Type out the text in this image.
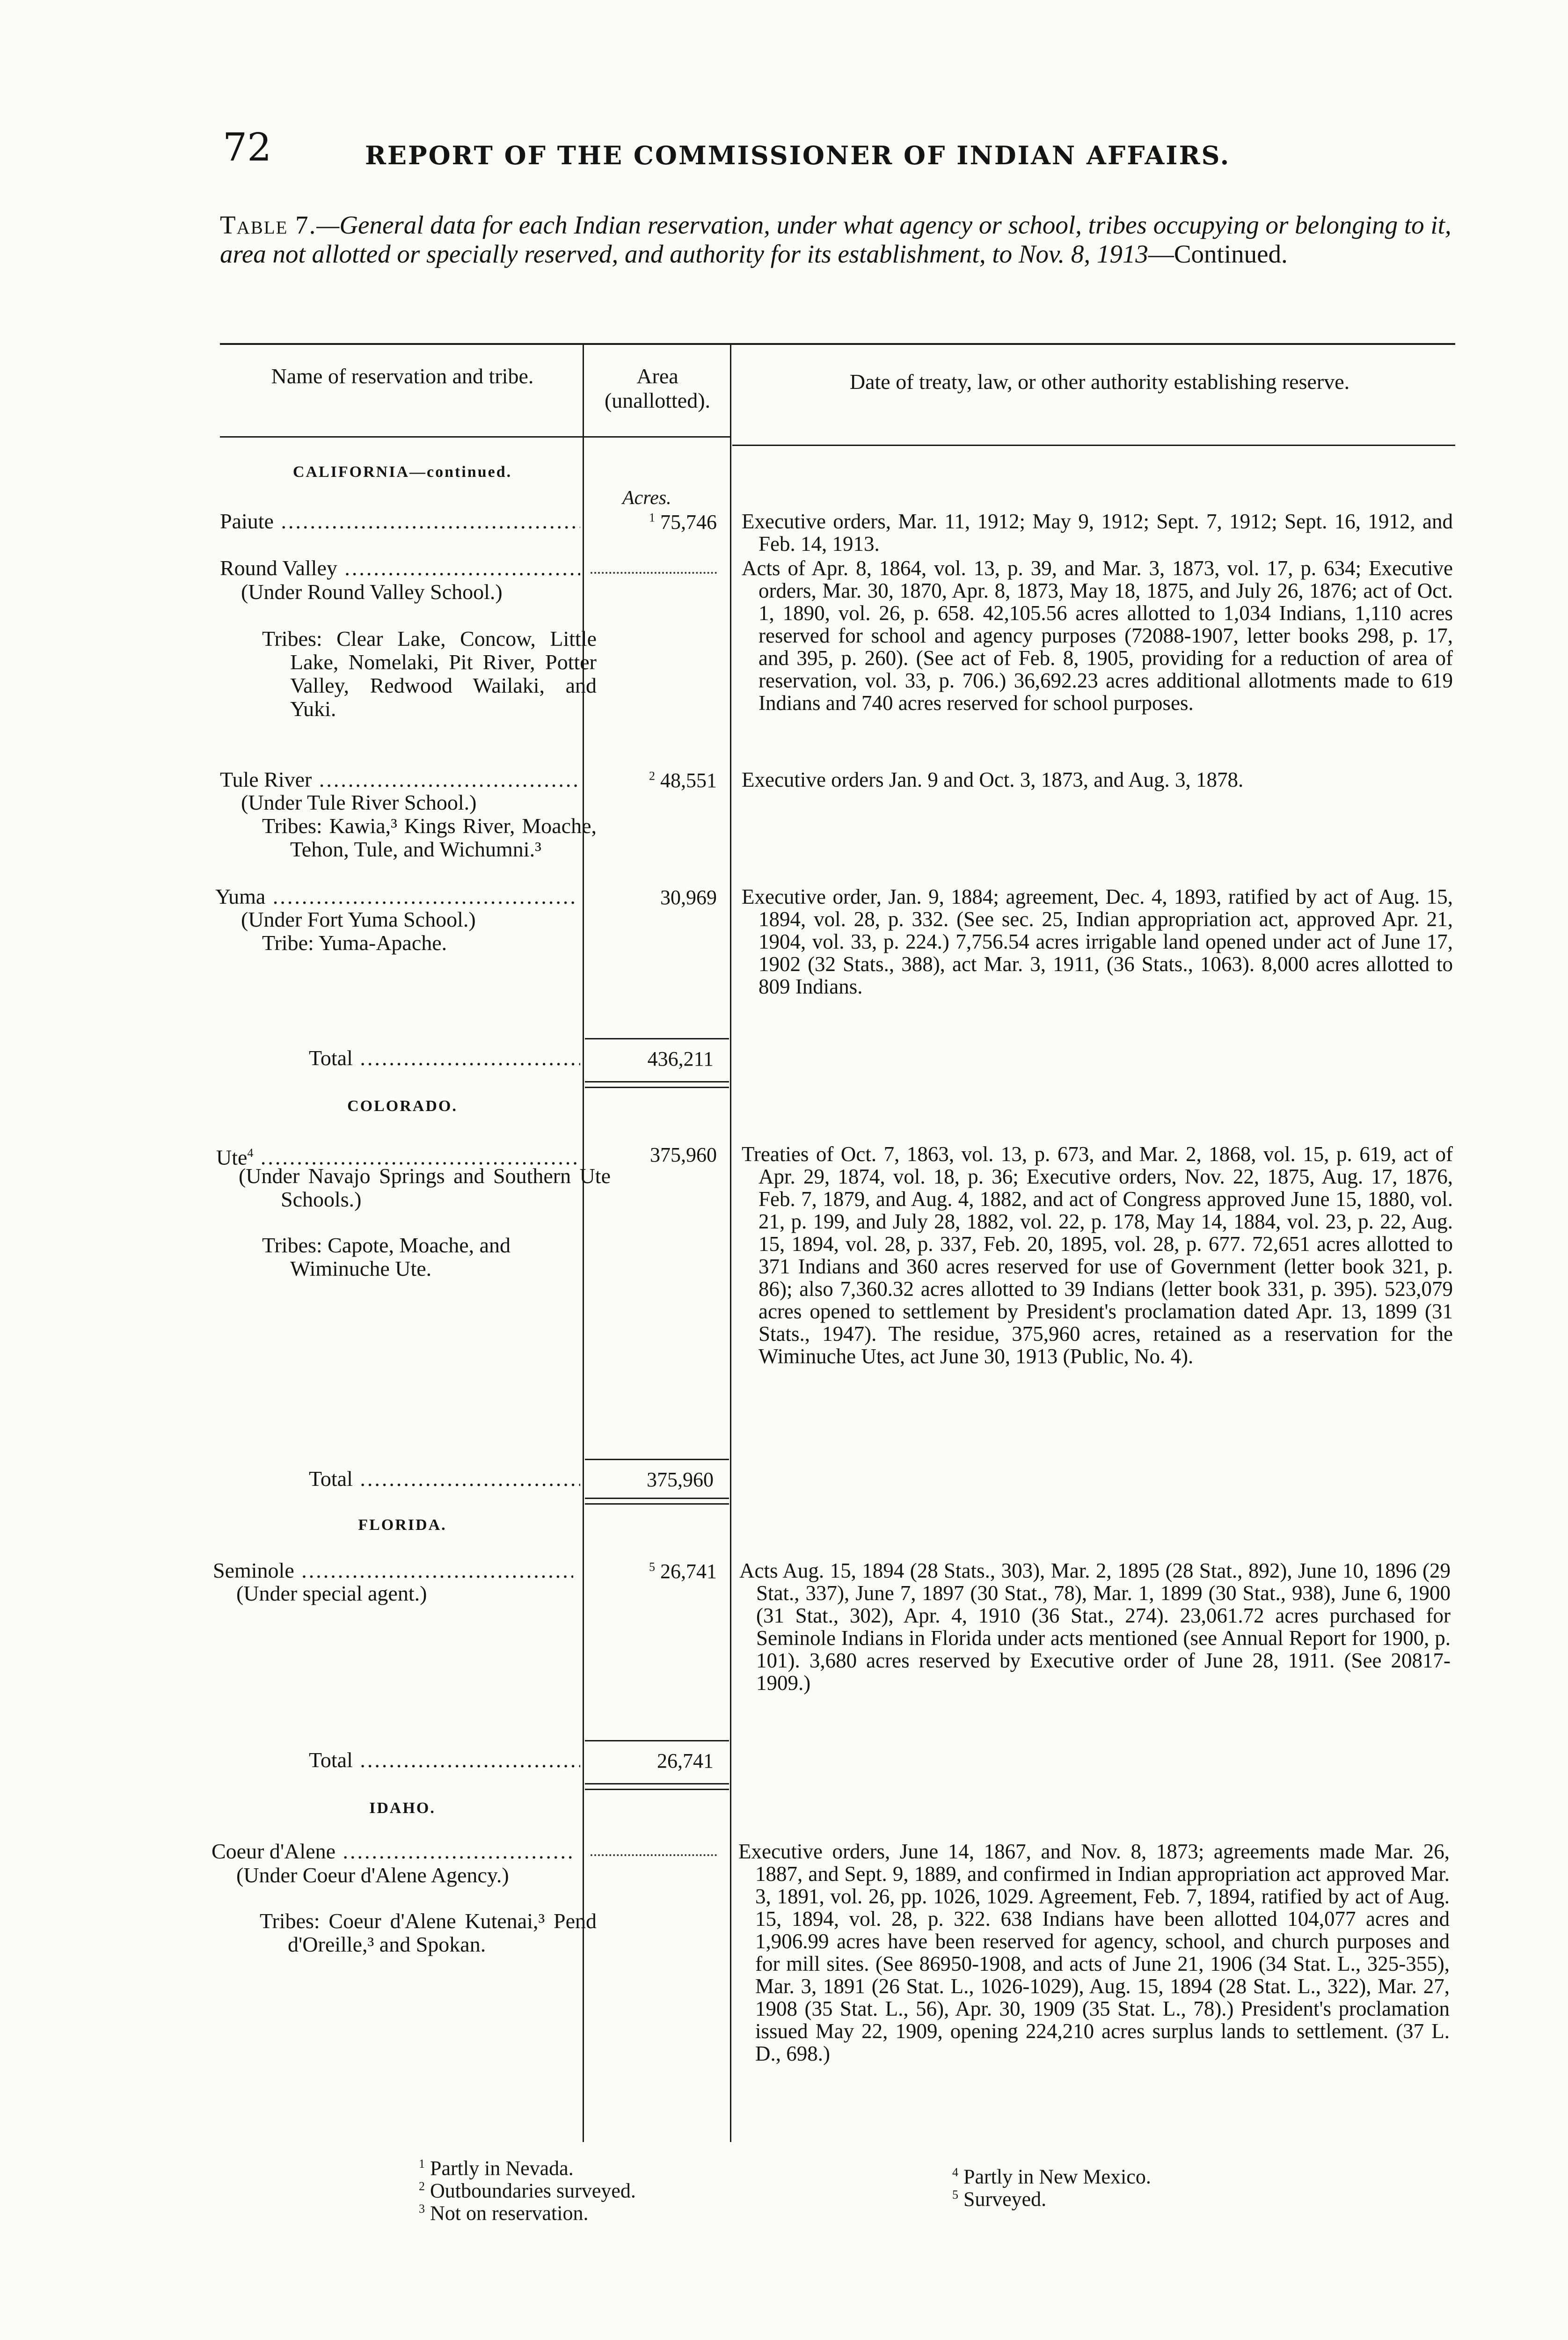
72	REPORT OF THE COMMISSIONER OF INDIAN AFFAIRS.
Table 7.—General data for each Indian reservation, under what agency or school, tribes occupying or belonging to it, area not allotted or specially reserved, and authority for its establishment, to Nov. 8, 1913—Continued.
Name of reservation and tribe.	Area (unallotted).
Date of treaty, law, or other authority establishing reserve.
CALIFORNIA—continued.
Acres.
Paiute .....	$^1$ 75,746 Executive orders, Mar. 11, 1912; May 9, 1912; Sept. 7, 1912; Sept. 16, 1912, and Feb. 14, 1913.

Round Valley .....
(Under Round Valley School.)
Tribes: Clear Lake, Concow, Little Lake, Nomelaki, Pit River, Potter Valley, Redwood Wailaki, and Yuki.

Acts of Apr. 8, 1864, vol. 13, p. 39, and Mar. 3, 1873, vol. 17, p. 634; Executive orders, Mar. 30, 1870, Apr. 8, 1873, May 18, 1875, and July 26, 1876; act of Oct. 1, 1890, vol. 26, p. 658. 42,105.56 acres allotted to 1,034 Indians, 1,110 acres reserved for school and agency purposes (72088-1907, letter books 298, p. 17, and 395, p. 260). (See act of Feb. 8, 1905, providing for a reduction of area of reservation, vol. 33, p. 706.) 36,692.23 acres additional allotments made to 619 Indians and 740 acres reserved for school purposes.

Tule River .....
(Under Tule River School.)
Tribes: Kawia,³ Kings River, Moache, Tehon, Tule, and Wichumni.³
$^2$ 48,551 Executive orders Jan. 9 and Oct. 3, 1873, and Aug. 3, 1878.

Yuma .....
(Under Fort Yuma School.)
Tribe: Yuma-Apache.
30,969 Executive order, Jan. 9, 1884; agreement, Dec. 4, 1893, ratified by act of Aug. 15, 1894, vol. 28, p. 332. (See sec. 25, Indian appropriation act, approved Apr. 21, 1904, vol. 33, p. 224.) 7,756.54 acres irrigable land opened under act of June 17, 1902 (32 Stats., 388), act Mar. 3, 1911, (36 Stats., 1063). 8,000 acres allotted to 809 Indians.

Total .....	436,211
COLORADO.
Ute$^4$ .....
(Under Navajo Springs and Southern Ute Schools.)
Tribes: Capote, Moache, and Wiminuche Ute.
375,960 Treaties of Oct. 7, 1863, vol. 13, p. 673, and Mar. 2, 1868, vol. 15, p. 619, act of Apr. 29, 1874, vol. 18, p. 36; Executive orders, Nov. 22, 1875, Aug. 17, 1876, Feb. 7, 1879, and Aug. 4, 1882, and act of Congress approved June 15, 1880, vol. 21, p. 199, and July 28, 1882, vol. 22, p. 178, May 14, 1884, vol. 23, p. 22, Aug. 15, 1894, vol. 28, p. 337, Feb. 20, 1895, vol. 28, p. 677. 72,651 acres allotted to 371 Indians and 360 acres reserved for use of Government (letter book 321, p. 86); also 7,360.32 acres allotted to 39 Indians (letter book 331, p. 395). 523,079 acres opened to settlement by President's proclamation dated Apr. 13, 1899 (31 Stats., 1947). The residue, 375,960 acres, retained as a reservation for the Wiminuche Utes, act June 30, 1913 (Public, No. 4).

Total .....	375,960
FLORIDA.
Seminole .....
(Under special agent.)
$^5$ 26,741 Acts Aug. 15, 1894 (28 Stats., 303), Mar. 2, 1895 (28 Stat., 892), June 10, 1896 (29 Stat., 337), June 7, 1897 (30 Stat., 78), Mar. 1, 1899 (30 Stat., 938), June 6, 1900 (31 Stat., 302), Apr. 4, 1910 (36 Stat., 274). 23,061.72 acres purchased for Seminole Indians in Florida under acts mentioned (see Annual Report for 1900, p. 101). 3,680 acres reserved by Executive order of June 28, 1911. (See 20817-1909.)

Total .....	26,741
IDAHO.
Coeur d'Alene .....
(Under Coeur d'Alene Agency.)
Tribes: Coeur d'Alene Kutenai,³ Pend d'Oreille,³ and Spokan.

Executive orders, June 14, 1867, and Nov. 8, 1873; agreements made Mar. 26, 1887, and Sept. 9, 1889, and confirmed in Indian appropriation act approved Mar. 3, 1891, vol. 26, pp. 1026, 1029. Agreement, Feb. 7, 1894, ratified by act of Aug. 15, 1894, vol. 28, p. 322. 638 Indians have been allotted 104,077 acres and 1,906.99 acres have been reserved for agency, school, and church purposes and for mill sites. (See 86950-1908, and acts of June 21, 1906 (34 Stat. L., 325-355), Mar. 3, 1891 (26 Stat. L., 1026-1029), Aug. 15, 1894 (28 Stat. L., 322), Mar. 27, 1908 (35 Stat. L., 56), Apr. 30, 1909 (35 Stat. L., 78).) President's proclamation issued May 22, 1909, opening 224,210 acres surplus lands to settlement. (37 L. D., 698.)

$^1$ Partly in Nevada.
$^2$ Outboundaries surveyed.
$^3$ Not on reservation.
$^4$ Partly in New Mexico.
$^5$ Surveyed.
